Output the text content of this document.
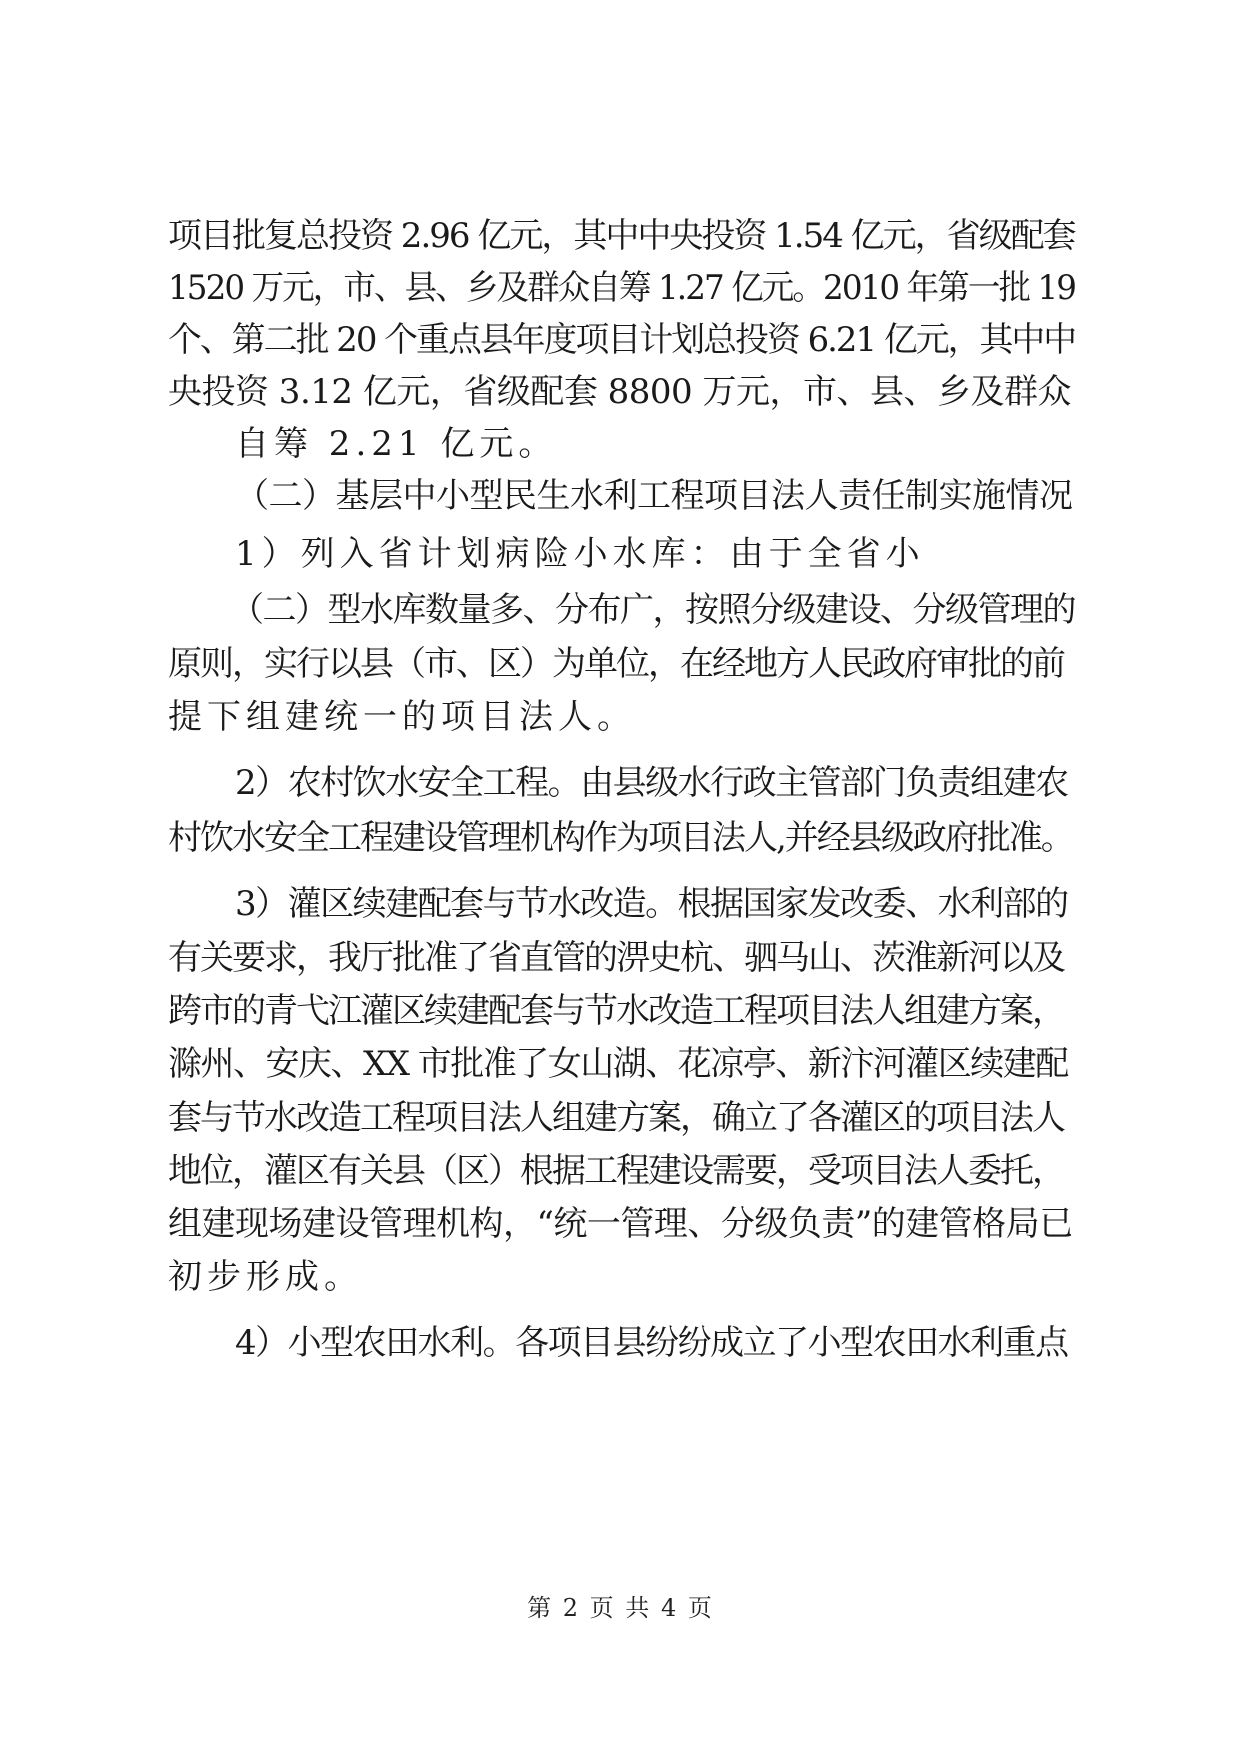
项目批复总投资 2.96 亿元，其中中央投资 1.54 亿元，省级配套
1520 万元，市、县、乡及群众自筹 1.27 亿元。2010 年第一批 19
个、第二批 20 个重点县年度项目计划总投资 6.21 亿元，其中中
央投资 3.12 亿元，省级配套 8800 万元，市、县、乡及群众
自筹 2.21 亿元。
（二）基层中小型民生水利工程项目法人责任制实施情况
1）列入省计划病险小水库：由于全省小
（二）型水库数量多、分布广，按照分级建设、分级管理的
原则，实行以县（市、区）为单位，在经地方人民政府审批的前
提下组建统一的项目法人。
2）农村饮水安全工程。由县级水行政主管部门负责组建农
村饮水安全工程建设管理机构作为项目法人,并经县级政府批准。
3）灌区续建配套与节水改造。根据国家发改委、水利部的
有关要求，我厅批准了省直管的淠史杭、驷马山、茨淮新河以及
跨市的青弋江灌区续建配套与节水改造工程项目法人组建方案，
滁州、安庆、XX 市批准了女山湖、花凉亭、新汴河灌区续建配
套与节水改造工程项目法人组建方案，确立了各灌区的项目法人
地位，灌区有关县（区）根据工程建设需要，受项目法人委托，
组建现场建设管理机构，“统一管理、分级负责”的建管格局已
初步形成。
4）小型农田水利。各项目县纷纷成立了小型农田水利重点
第 2 页 共 4 页
